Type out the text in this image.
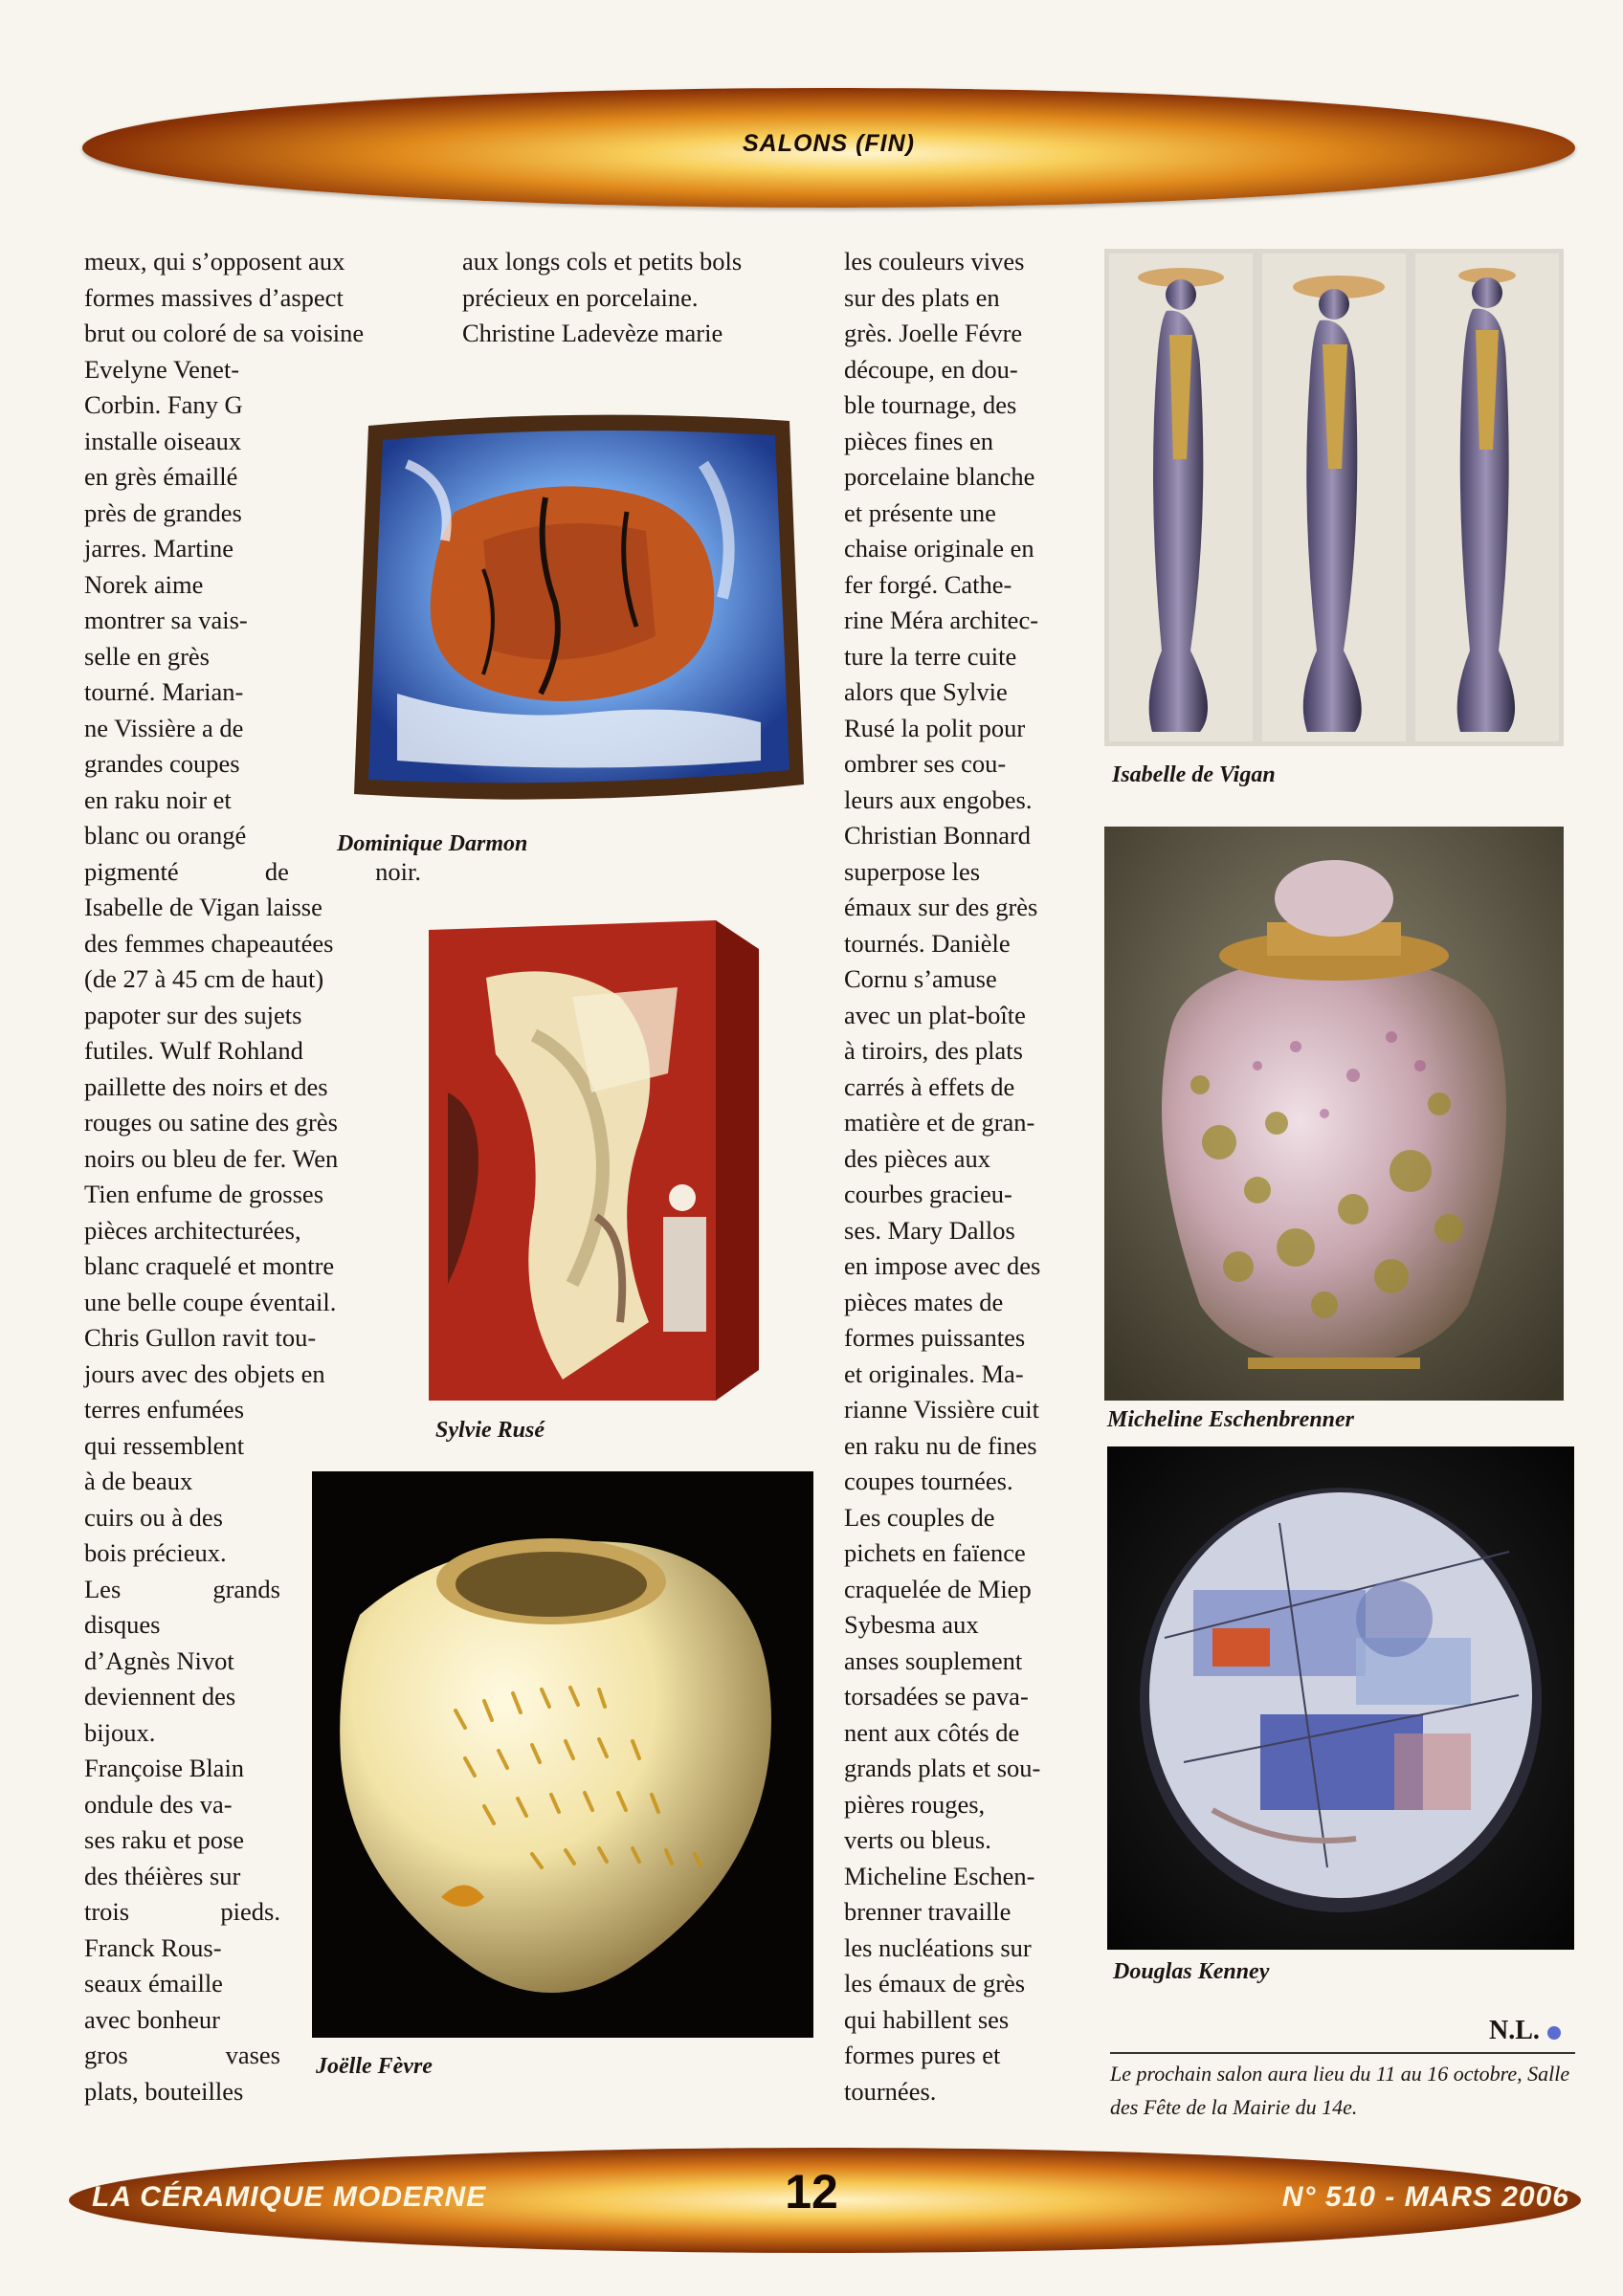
SALONS (FIN)

meux, qui s’opposent aux

formes massives d’aspect

brut ou coloré de sa voisine

Evelyne Venet-

Corbin. Fany G

installe oiseaux

en grès émaillé

près de grandes

jarres. Martine

Norek aime

montrer sa vais-

selle en grès

tourné. Marian-

ne Vissière a de

grandes coupes

en raku noir et

blanc ou orangé

pigmenté de noir.

Isabelle de Vigan laisse

des femmes chapeautées

(de 27 à 45 cm de haut)

papoter sur des sujets

futiles. Wulf Rohland

paillette des noirs et des

rouges ou satine des grès

noirs ou bleu de fer. Wen

Tien enfume de grosses

pièces architecturées,

blanc craquelé et montre

une belle coupe éventail.

Chris Gullon ravit tou-

jours avec des objets en

terres enfumées

qui ressemblent

à de beaux

cuirs ou à des

bois précieux.

Les grands

disques

d’Agnès Nivot

deviennent des

bijoux.

Françoise Blain

ondule des va-

ses raku et pose

des théières sur

trois pieds.

Franck Rous-

seaux émaille

avec bonheur

gros vases

plats, bouteilles

aux longs cols et petits bols

précieux en porcelaine.

Christine Ladevèze marie

les couleurs vives

sur des plats en

grès. Joelle Févre

découpe, en dou-

ble tournage, des

pièces fines en

porcelaine blanche

et présente une

chaise originale en

fer forgé. Cathe-

rine Méra architec-

ture la terre cuite

alors que Sylvie

Rusé la polit pour

ombrer ses cou-

leurs aux engobes.

Christian Bonnard

superpose les

émaux sur des grès

tournés. Danièle

Cornu s’amuse

avec un plat-boîte

à tiroirs, des plats

carrés à effets de

matière et de gran-

des pièces aux

courbes gracieu-

ses. Mary Dallos

en impose avec des

pièces mates de

formes puissantes

et originales. Ma-

rianne Vissière cuit

en raku nu de fines

coupes tournées.

Les couples de

pichets en faïence

craquelée de Miep

Sybesma aux

anses souplement

torsadées se pava-

nent aux côtés de

grands plats et sou-

pières rouges,

verts ou bleus.

Micheline Eschen-

brenner travaille

les nucléations sur

les émaux de grès

qui habillent ses

formes pures et

tournées.

Dominique Darmon
Sylvie Rusé
Joëlle Fèvre
Isabelle de Vigan
Micheline Eschenbrenner
Douglas Kenney
N.L.
Le prochain salon aura lieu du 11 au 16 octobre, Salle des Fête de la Mairie du 14e.
LA CÉRAMIQUE MODERNE	12	N° 510 - MARS 2006
